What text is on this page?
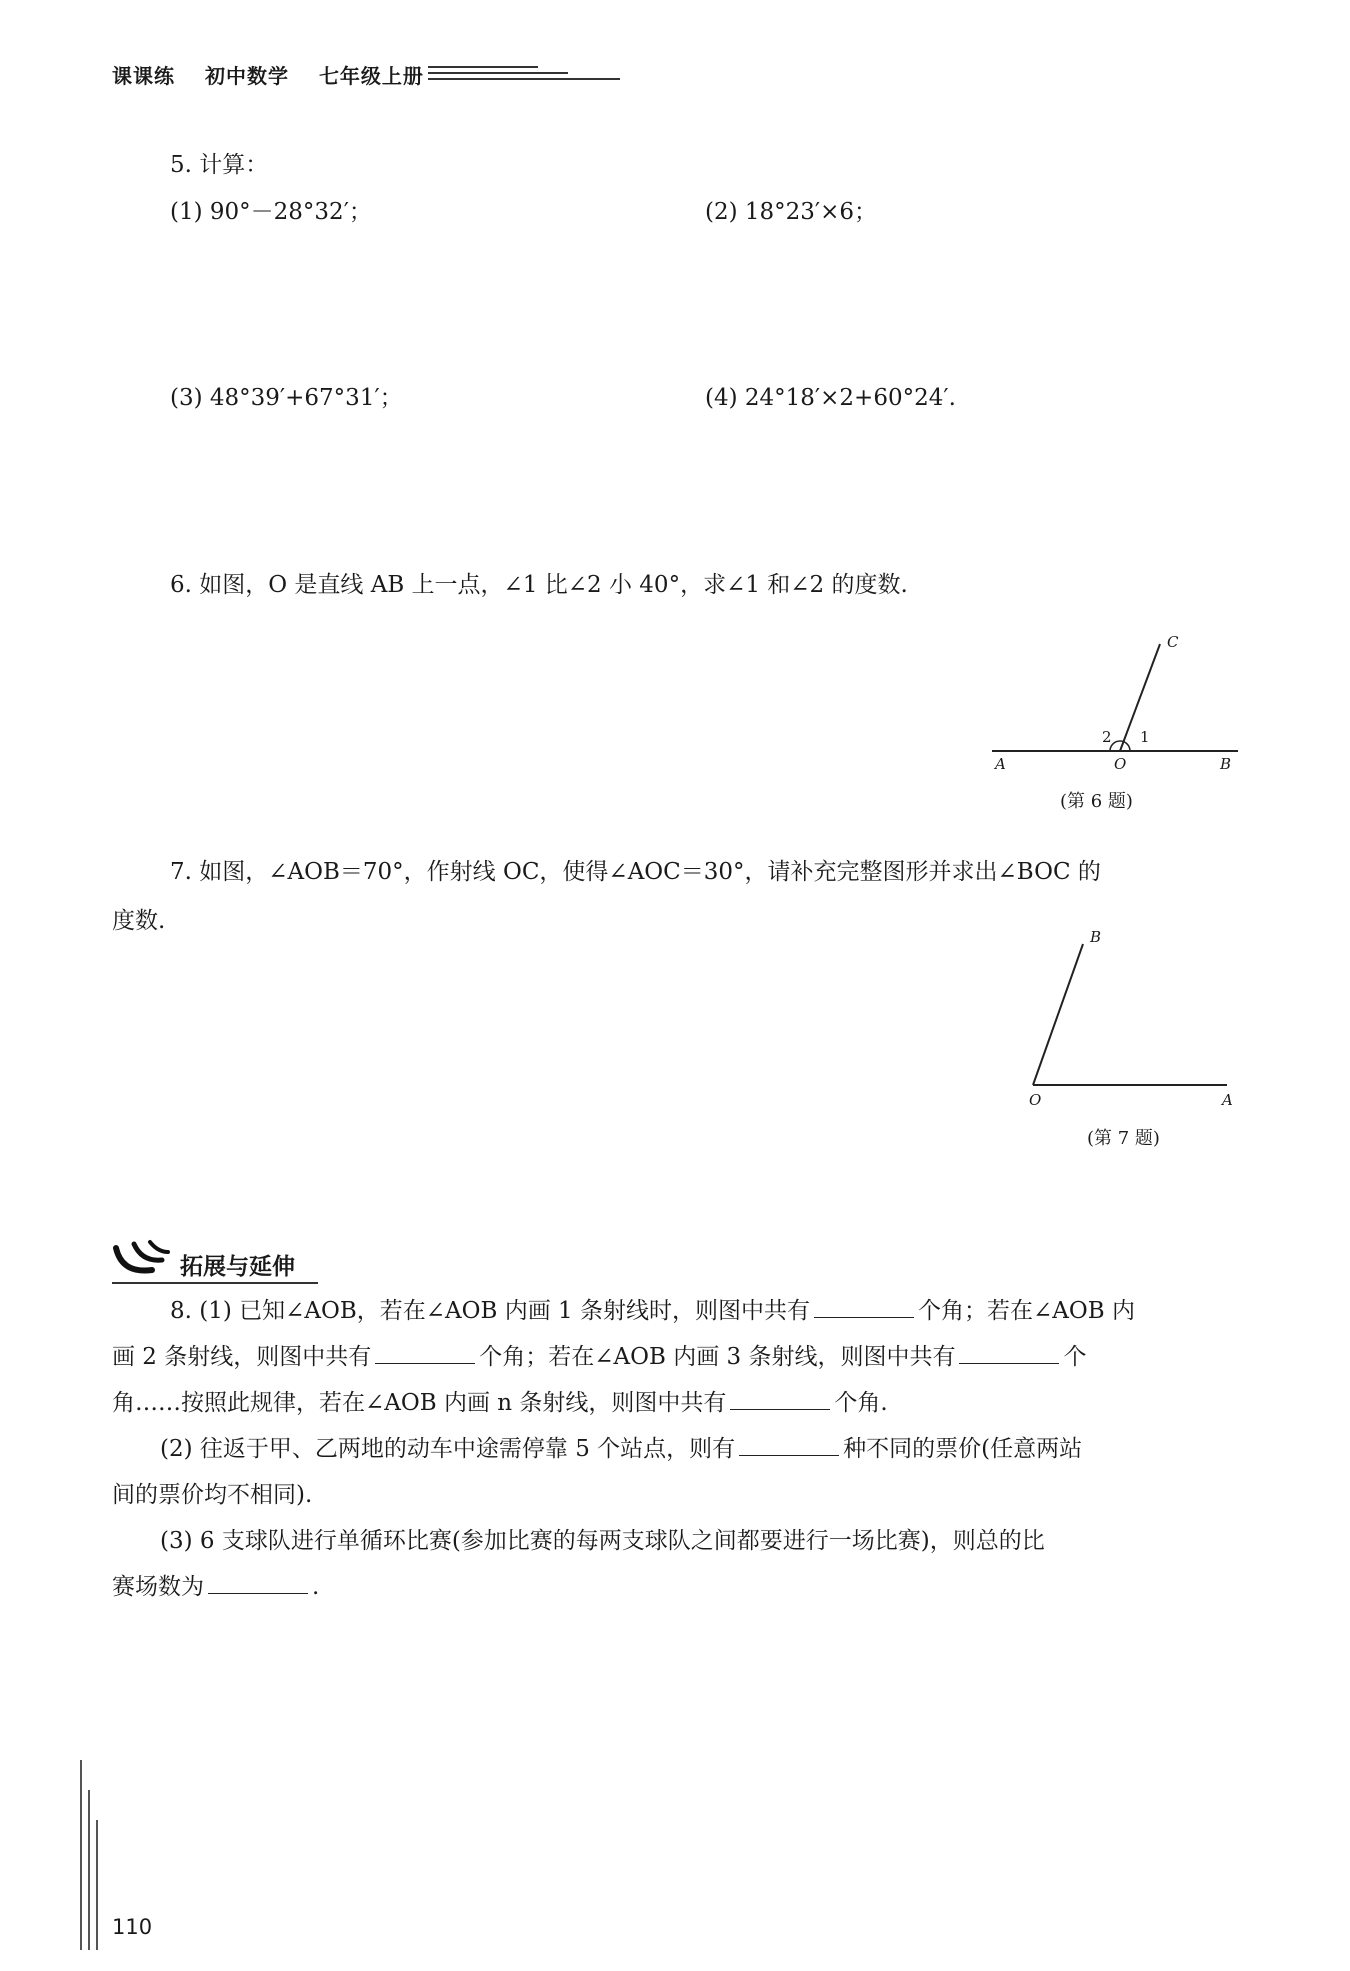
课课练 初中数学 七年级上册
5. 计算：
(1) 90°－28°32′；	(2) 18°23′×6；
(3) 48°39′+67°31′；	(4) 24°18′×2+60°24′.
6. 如图，O 是直线 AB 上一点，∠1 比∠2 小 40°，求∠1 和∠2 的度数.
A	O	B
C
2 1
(第 6 题)
7. 如图，∠AOB＝70°，作射线 OC，使得∠AOC＝30°，请补充完整图形并求出∠BOC 的
度数.
O	A
B
(第 7 题)
拓展与延伸
8. (1) 已知∠AOB，若在∠AOB 内画 1 条射线时，则图中共有	个角；若在∠AOB 内
画 2 条射线，则图中共有	个角；若在∠AOB 内画 3 条射线，则图中共有	个
角……按照此规律，若在∠AOB 内画 n 条射线，则图中共有	个角.
(2) 往返于甲、乙两地的动车中途需停靠 5 个站点，则有	种不同的票价(任意两站
间的票价均不相同).
(3) 6 支球队进行单循环比赛(参加比赛的每两支球队之间都要进行一场比赛)，则总的比
赛场数为	.
110
